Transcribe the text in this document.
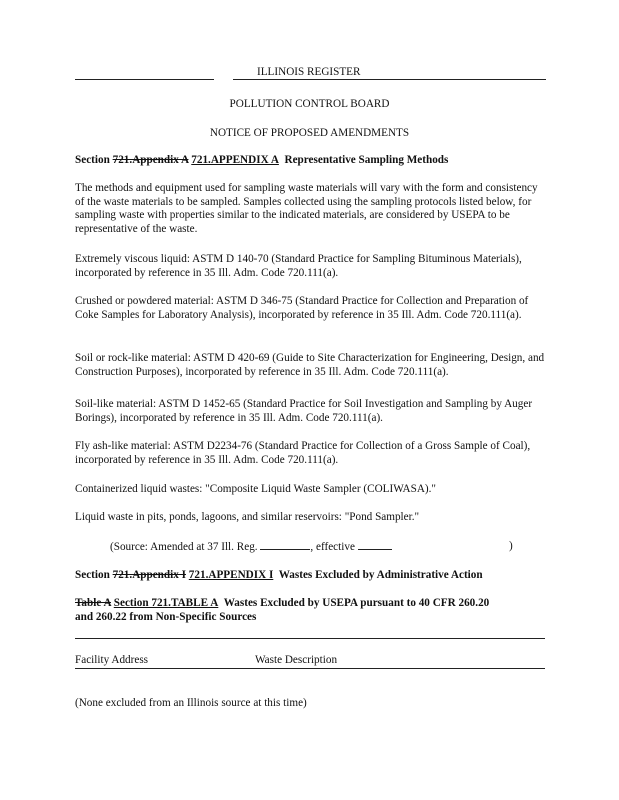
ILLINOIS REGISTER
POLLUTION CONTROL BOARD
NOTICE OF PROPOSED AMENDMENTS
Section 721.Appendix A 721.APPENDIX A Representative Sampling Methods

The methods and equipment used for sampling waste materials will vary with the form and consistency of the waste materials to be sampled. Samples collected using the sampling protocols listed below, for sampling waste with properties similar to the indicated materials, are considered by USEPA to be representative of the waste.

Extremely viscous liquid: ASTM D 140-70 (Standard Practice for Sampling Bituminous Materials), incorporated by reference in 35 Ill. Adm. Code 720.111(a).

Crushed or powdered material: ASTM D 346-75 (Standard Practice for Collection and Preparation of Coke Samples for Laboratory Analysis), incorporated by reference in 35 Ill. Adm. Code 720.111(a).

Soil or rock-like material: ASTM D 420-69 (Guide to Site Characterization for Engineering, Design, and Construction Purposes), incorporated by reference in 35 Ill. Adm. Code 720.111(a).

Soil-like material: ASTM D 1452-65 (Standard Practice for Soil Investigation and Sampling by Auger Borings), incorporated by reference in 35 Ill. Adm. Code 720.111(a).

Fly ash-like material: ASTM D2234-76 (Standard Practice for Collection of a Gross Sample of Coal), incorporated by reference in 35 Ill. Adm. Code 720.111(a).

Containerized liquid wastes: "Composite Liquid Waste Sampler (COLIWASA)."

Liquid waste in pits, ponds, lagoons, and similar reservoirs: "Pond Sampler."

(Source: Amended at 37 Ill. Reg.	, effective	)
Section 721.Appendix I 721.APPENDIX I Wastes Excluded by Administrative Action
Table A Section 721.TABLE A Wastes Excluded by USEPA pursuant to 40 CFR 260.20
and 260.22 from Non-Specific Sources
Facility Address	Waste Description
(None excluded from an Illinois source at this time)
